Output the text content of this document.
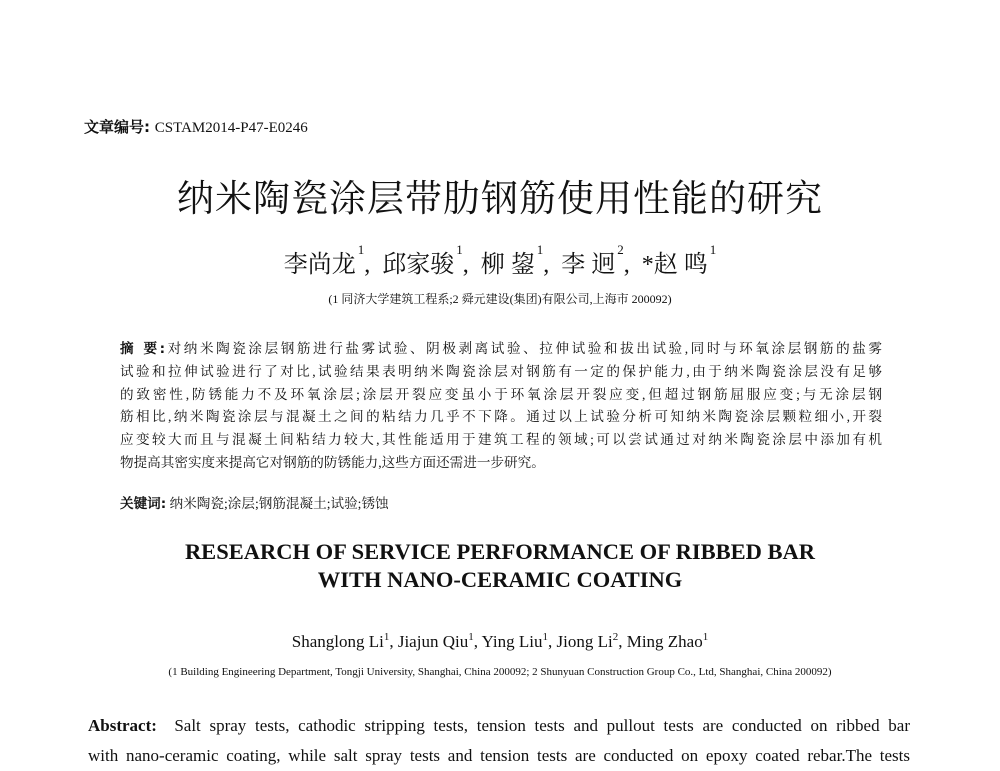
文章编号: CSTAM2014-P47-E0246
纳米陶瓷涂层带肋钢筋使用性能的研究
李尚龙$^1$, 邱家骏$^1$, 柳 鋆$^1$, 李 迥$^2$, *赵 鸣$^1$
(1 同济大学建筑工程系;2 舜元建设(集团)有限公司,上海市 200092)
摘 要:对纳米陶瓷涂层钢筋进行盐雾试验、阴极剥离试验、拉伸试验和拔出试验,同时与环氧涂层钢筋的盐雾
试验和拉伸试验进行了对比,试验结果表明纳米陶瓷涂层对钢筋有一定的保护能力,由于纳米陶瓷涂层没有足够
的致密性,防锈能力不及环氧涂层;涂层开裂应变虽小于环氧涂层开裂应变,但超过钢筋屈服应变;与无涂层钢
筋相比,纳米陶瓷涂层与混凝土之间的粘结力几乎不下降。通过以上试验分析可知纳米陶瓷涂层颗粒细小,开裂
应变较大而且与混凝土间粘结力较大,其性能适用于建筑工程的领域;可以尝试通过对纳米陶瓷涂层中添加有机
物提高其密实度来提高它对钢筋的防锈能力,这些方面还需进一步研究。
关键词: 纳米陶瓷;涂层;钢筋混凝土;试验;锈蚀
RESEARCH OF SERVICE PERFORMANCE OF RIBBED BAR
WITH NANO-CERAMIC COATING
Shanglong Li$^1$, Jiajun Qiu$^1$, Ying Liu$^1$, Jiong Li$^2$, Ming Zhao$^1$
(1 Building Engineering Department, Tongji University, Shanghai, China 200092; 2 Shunyuan Construction Group Co., Ltd, Shanghai, China 200092)
Abstract: Salt spray tests, cathodic stripping tests, tension tests and pullout tests are conducted on ribbed bar
with nano-ceramic coating, while salt spray tests and tension tests are conducted on epoxy coated rebar.The tests
